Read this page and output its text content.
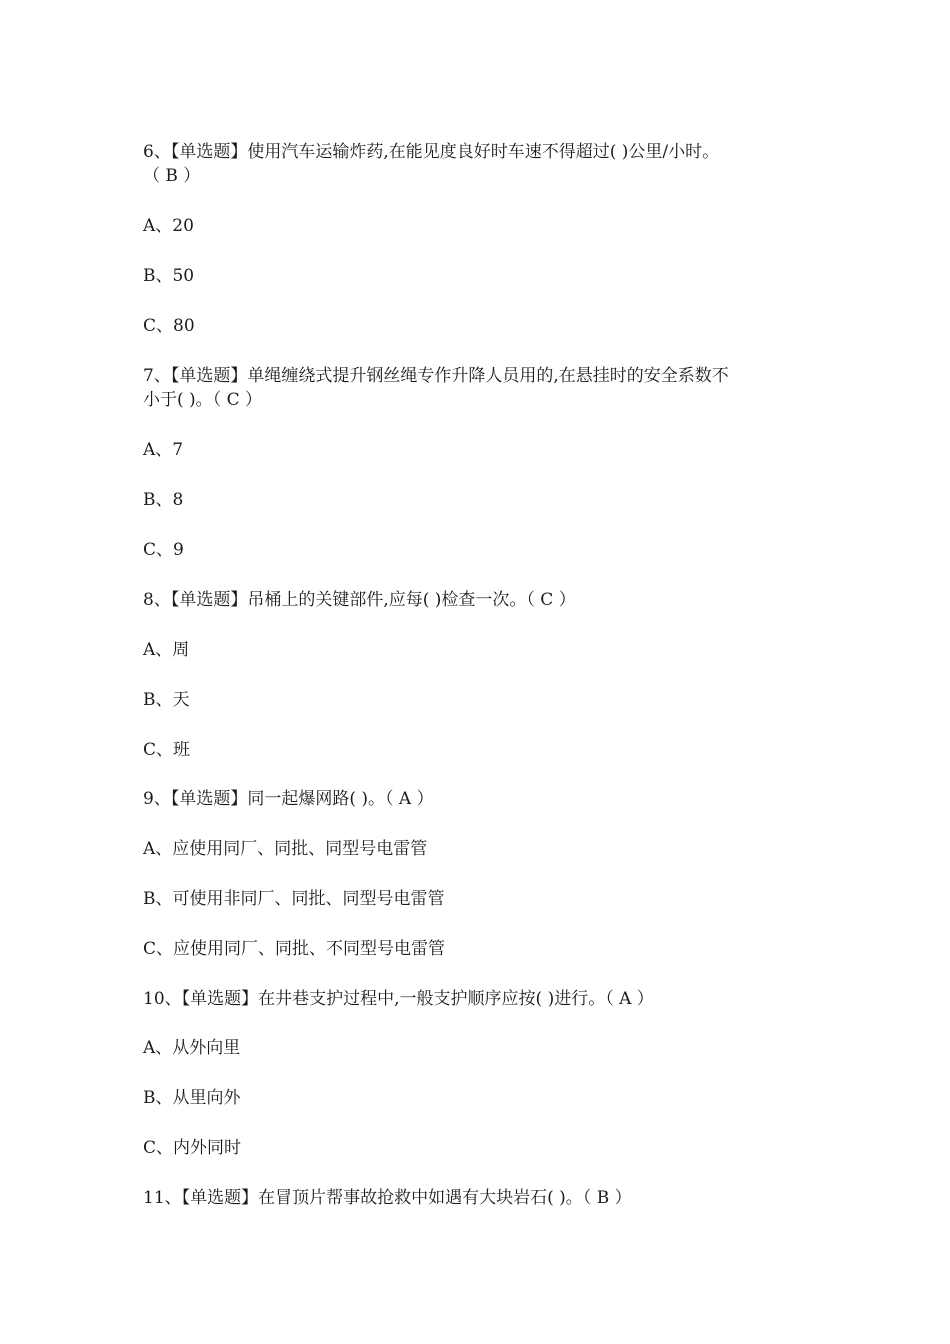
6、【单选题】使用汽车运输炸药,在能见度良好时车速不得超过( )公里/小时。
（ B ）
A、20
B、50
C、80
7、【单选题】单绳缠绕式提升钢丝绳专作升降人员用的,在悬挂时的安全系数不
小于( )。（ C ）
A、7
B、8
C、9
8、【单选题】吊桶上的关键部件,应每( )检查一次。（ C ）
A、周
B、天
C、班
9、【单选题】同一起爆网路( )。（ A ）
A、应使用同厂、同批、同型号电雷管
B、可使用非同厂、同批、同型号电雷管
C、应使用同厂、同批、不同型号电雷管
10、【单选题】在井巷支护过程中,一般支护顺序应按( )进行。（ A ）
A、从外向里
B、从里向外
C、内外同时
11、【单选题】在冒顶片帮事故抢救中如遇有大块岩石( )。（ B ）
